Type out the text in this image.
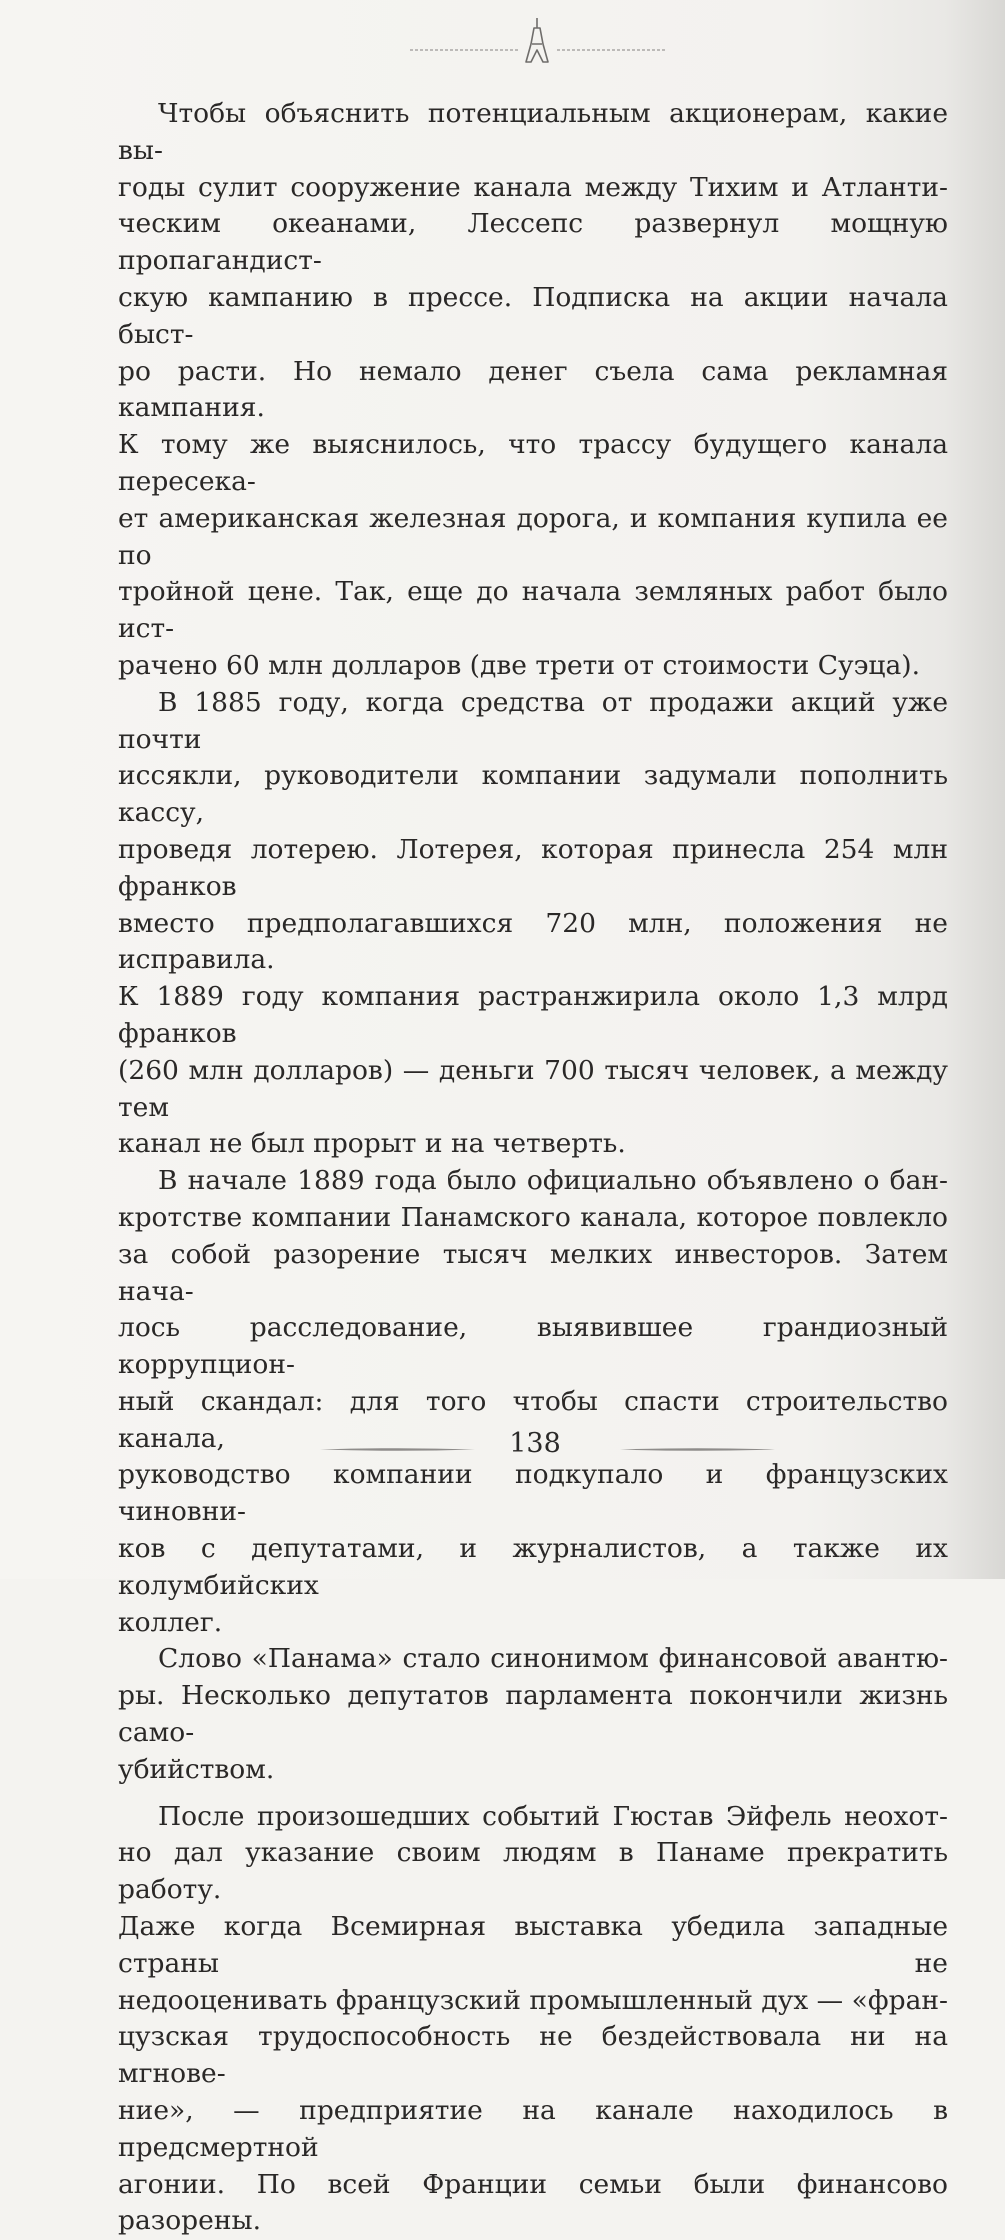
Чтобы объяснить потенциальным акционерам, какие вы-
годы сулит сооружение канала между Тихим и Атланти-
ческим океанами, Лессепс развернул мощную пропагандист-
скую кампанию в прессе. Подписка на акции начала быст-
ро расти. Но немало денег съела сама рекламная кампания.
К тому же выяснилось, что трассу будущего канала пересека-
ет американская железная дорога, и компания купила ее по
тройной цене. Так, еще до начала земляных работ было ист-
рачено 60 млн долларов (две трети от стоимости Суэца).

В 1885 году, когда средства от продажи акций уже почти
иссякли, руководители компании задумали пополнить кассу,
проведя лотерею. Лотерея, которая принесла 254 млн франков
вместо предполагавшихся 720 млн, положения не исправила.
К 1889 году компания растранжирила около 1,3 млрд франков
(260 млн долларов) — деньги 700 тысяч человек, а между тем
канал не был прорыт и на четверть.

В начале 1889 года было официально объявлено о бан-
кротстве компании Панамского канала, которое повлекло
за собой разорение тысяч мелких инвесторов. Затем нача-
лось расследование, выявившее грандиозный коррупцион-
ный скандал: для того чтобы спасти строительство канала,
руководство компании подкупало и французских чиновни-
ков с депутатами, и журналистов, а также их колумбийских
коллег.

Слово «Панама» стало синонимом финансовой авантю-
ры. Несколько депутатов парламента покончили жизнь само-
убийством.

После произошедших событий Гюстав Эйфель неохот-
но дал указание своим людям в Панаме прекратить работу.
Даже когда Всемирная выставка убедила западные страны не
недооценивать французский промышленный дух — «фран-
цузская трудоспособность не бездействовала ни на мгнове-
ние», — предприятие на канале находилось в предсмертной
агонии. По всей Франции семьи были финансово разорены.

138
